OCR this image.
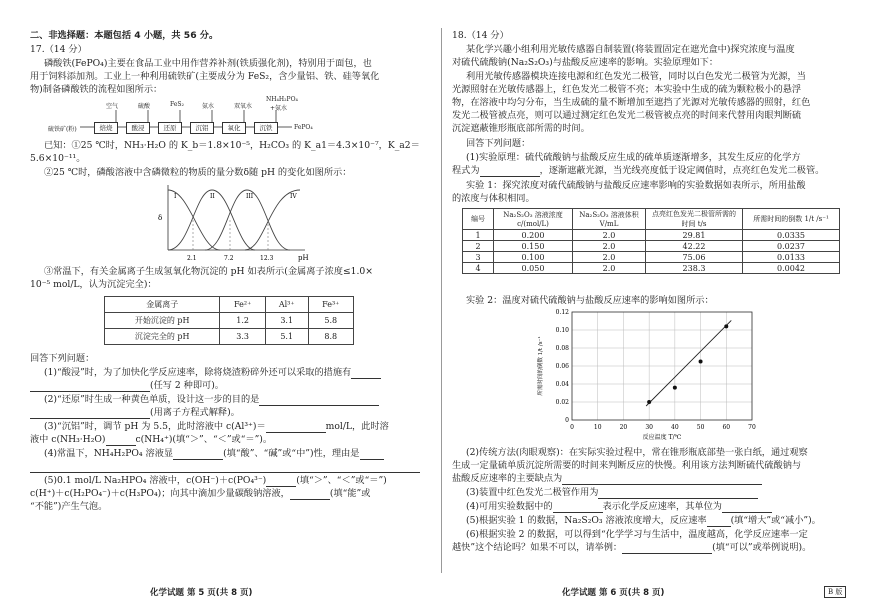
二、非选择题：本题包括 4 小题，共 56 分。
17.（14 分）
磷酸铁(FePO₄)主要在食品工业中用作营养补剂(铁质强化剂)，特别用于面包，也
用于饲料添加剂。工业上一种利用硫铁矿(主要成分为 FeS₂，含少量铝、铁、硅等氧化
物)制备磷酸铁的流程如图所示：
空气	硫酸	FeS₂	氨水	双氧水
NH₄H₂PO₄
+氨水
硫铁矿(粉)	焙烧	酸浸	还原	沉铝	氧化	沉铁	FePO₄
已知：①25 ℃时，NH₃·H₂O 的 K_b＝1.8×10⁻⁵，H₂CO₃ 的 K_a1＝4.3×10⁻⁷，K_a2＝
5.6×10⁻¹¹。
②25 ℃时，磷酸溶液中含磷微粒的物质的量分数δ随 pH 的变化如图所示：
δ
pH
2.1	7.2	12.3
I	II	III	IV
③常温下，有关金属离子生成氢氧化物沉淀的 pH 如表所示(金属离子浓度≤1.0×
10⁻⁵ mol/L，认为沉淀完全)：
金属离子	Fe²⁺	Al³⁺	Fe³⁺
开始沉淀的 pH	1.2	3.1	5.8
沉淀完全的 pH	3.3	5.1	8.8
回答下列问题：
(1)“酸浸”时，为了加快化学反应速率，除将烧渣粉碎外还可以采取的措施有
(任写 2 种即可)。
(2)“还原”时生成一种黄色单质，设计这一步的目的是
(用离子方程式解释)。
(3)“沉铝”时，调节 pH 为 5.5，此时溶液中 c(Al³⁺)＝	mol/L，此时溶
液中 c(NH₃·H₂O)	c(NH₄⁺)(填“＞”、“＜”或“＝”)。
(4)常温下，NH₄H₂PO₄ 溶液显	(填“酸”、“碱”或“中”)性，理由是
(5)0.1 mol/L Na₂HPO₄ 溶液中，c(OH⁻)＋c(PO₄³⁻)	(填“＞”、“＜”或“＝”)
c(H⁺)＋c(H₂PO₄⁻)＋c(H₃PO₄)；向其中滴加少量碳酸钠溶液，	(填“能”或
“不能”)产生气泡。
化学试题 第 5 页(共 8 页)
18.（14 分）
某化学兴趣小组利用光敏传感器自制装置(将装置固定在遮光盒中)探究浓度与温度
对硫代硫酸钠(Na₂S₂O₃)与盐酸反应速率的影响。实验原理如下：
利用光敏传感器模块连接电源和红色发光二极管，同时以白色发光二极管为光源，当
光源照射在光敏传感器上，红色发光二极管不亮；本实验中生成的硫为颗粒极小的悬浮
物，在溶液中均匀分布，当生成硫的量不断增加至遮挡了光源对光敏传感器的照射，红色
发光二极管被点亮，则可以通过测定红色发光二极管被点亮的时间来代替用肉眼判断硫
沉淀遮蔽锥形瓶底部所需的时间。
回答下列问题：
(1)实验原理：硫代硫酸钠与盐酸反应生成的硫单质逐渐增多，其发生反应的化学方
程式为	，逐渐遮蔽光源，当光线亮度低于设定阈值时，点亮红色发光二极管。
实验 1：探究浓度对硫代硫酸钠与盐酸反应速率影响的实验数据如表所示，所用盐酸
的浓度与体积相同。
编号	Na₂S₂O₃ 溶液浓度 c/(mol/L)	Na₂S₂O₃ 溶液体积 V/mL	点亮红色发光二极管所需的时间 t/s	所需时间的倒数 1/t /s⁻¹
1	0.200	2.0	29.81	0.0335
2	0.150	2.0	42.22	0.0237
3	0.100	2.0	75.06	0.0133
4	0.050	2.0	238.3	0.0042
实验 2：温度对硫代硫酸钠与盐酸反应速率的影响如图所示：
0	10	20	30	40	50	60	70
0
0.02
0.04
0.06
0.08
0.10
0.12
反应温度 T/℃
所需时间的倒数 1/t /s⁻¹
(2)传统方法(肉眼观察)：在实际实验过程中，常在锥形瓶底部垫一张白纸，通过观察
生成一定量硫单质沉淀所需要的时间来判断反应的快慢。利用该方法判断硫代硫酸钠与
盐酸反应速率的主要缺点为
(3)装置中红色发光二极管作用为
(4)可用实验数据中的	表示化学反应速率，其单位为
(5)根据实验 1 的数据，Na₂S₂O₃ 溶液浓度增大，反应速率	(填“增大”或“减小”)。
(6)根据实验 2 的数据，可以得到“化学学习与生活中，温度越高，化学反应速率一定
越快”这个结论吗？如果不可以，请举例：	(填“可以”或举例说明)。
化学试题 第 6 页(共 8 页)	B 版
